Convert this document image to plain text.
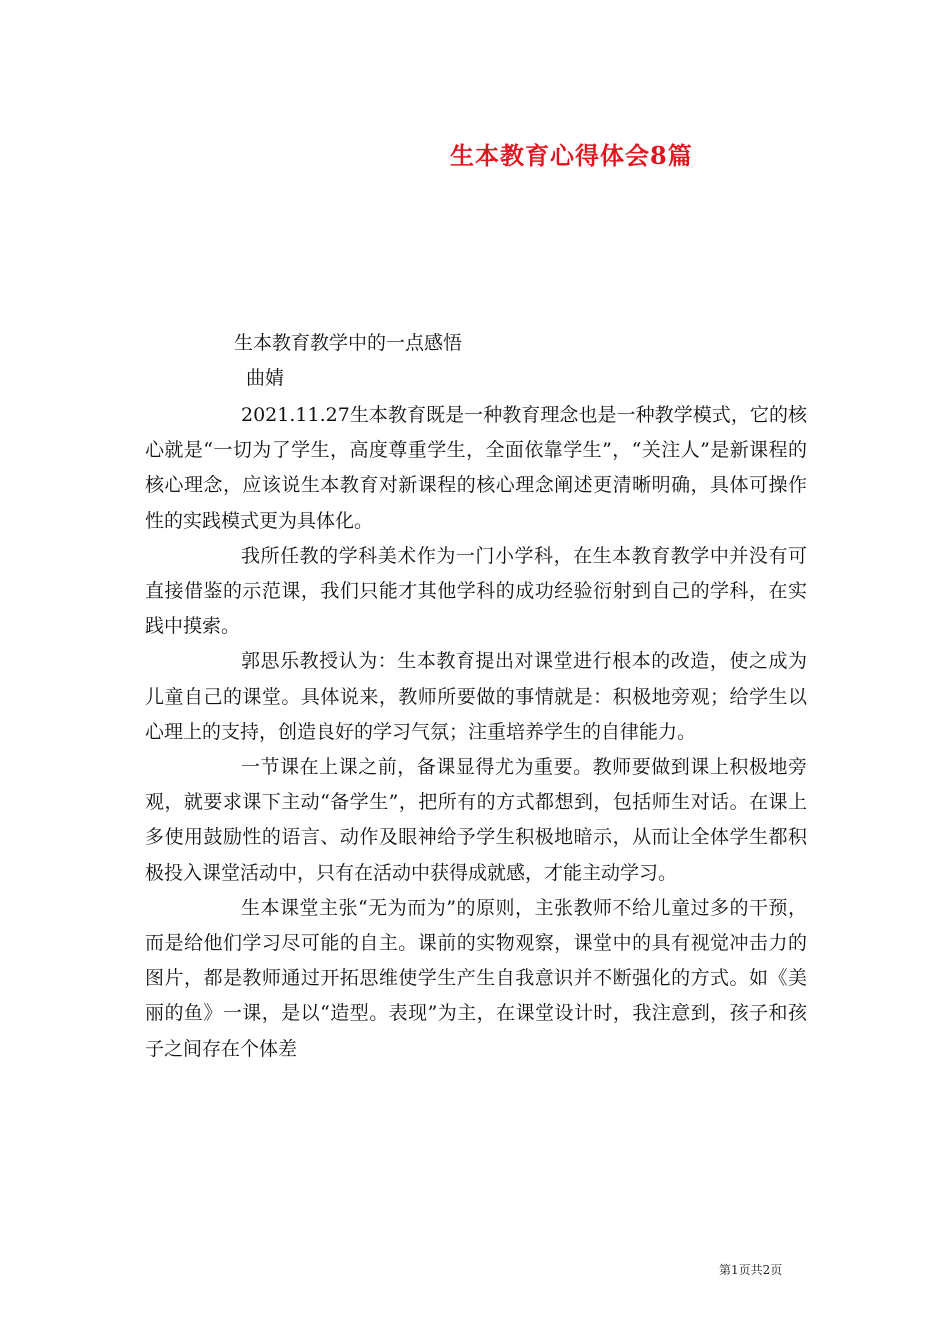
生本教育心得体会8篇
生本教育教学中的一点感悟
曲婧

2021.11.27生本教育既是一种教育理念也是一种教学模式，它的核心就是“一切为了学生，高度尊重学生，全面依靠学生”，“关注人”是新课程的核心理念，应该说生本教育对新课程的核心理念阐述更清晰明确，具体可操作性的实践模式更为具体化。

我所任教的学科美术作为一门小学科，在生本教育教学中并没有可直接借鉴的示范课，我们只能才其他学科的成功经验衍射到自己的学科，在实践中摸索。

郭思乐教授认为：生本教育提出对课堂进行根本的改造，使之成为儿童自己的课堂。具体说来，教师所要做的事情就是：积极地旁观；给学生以心理上的支持，创造良好的学习气氛；注重培养学生的自律能力。

一节课在上课之前，备课显得尤为重要。教师要做到课上积极地旁观，就要求课下主动“备学生”，把所有的方式都想到，包括师生对话。在课上多使用鼓励性的语言、动作及眼神给予学生积极地暗示，从而让全体学生都积极投入课堂活动中，只有在活动中获得成就感，才能主动学习。

生本课堂主张“无为而为”的原则，主张教师不给儿童过多的干预，而是给他们学习尽可能的自主。课前的实物观察，课堂中的具有视觉冲击力的图片，都是教师通过开拓思维使学生产生自我意识并不断强化的方式。如《美丽的鱼》一课，是以“造型。表现”为主，在课堂设计时，我注意到，孩子和孩子之间存在个体差

第1页共2页
